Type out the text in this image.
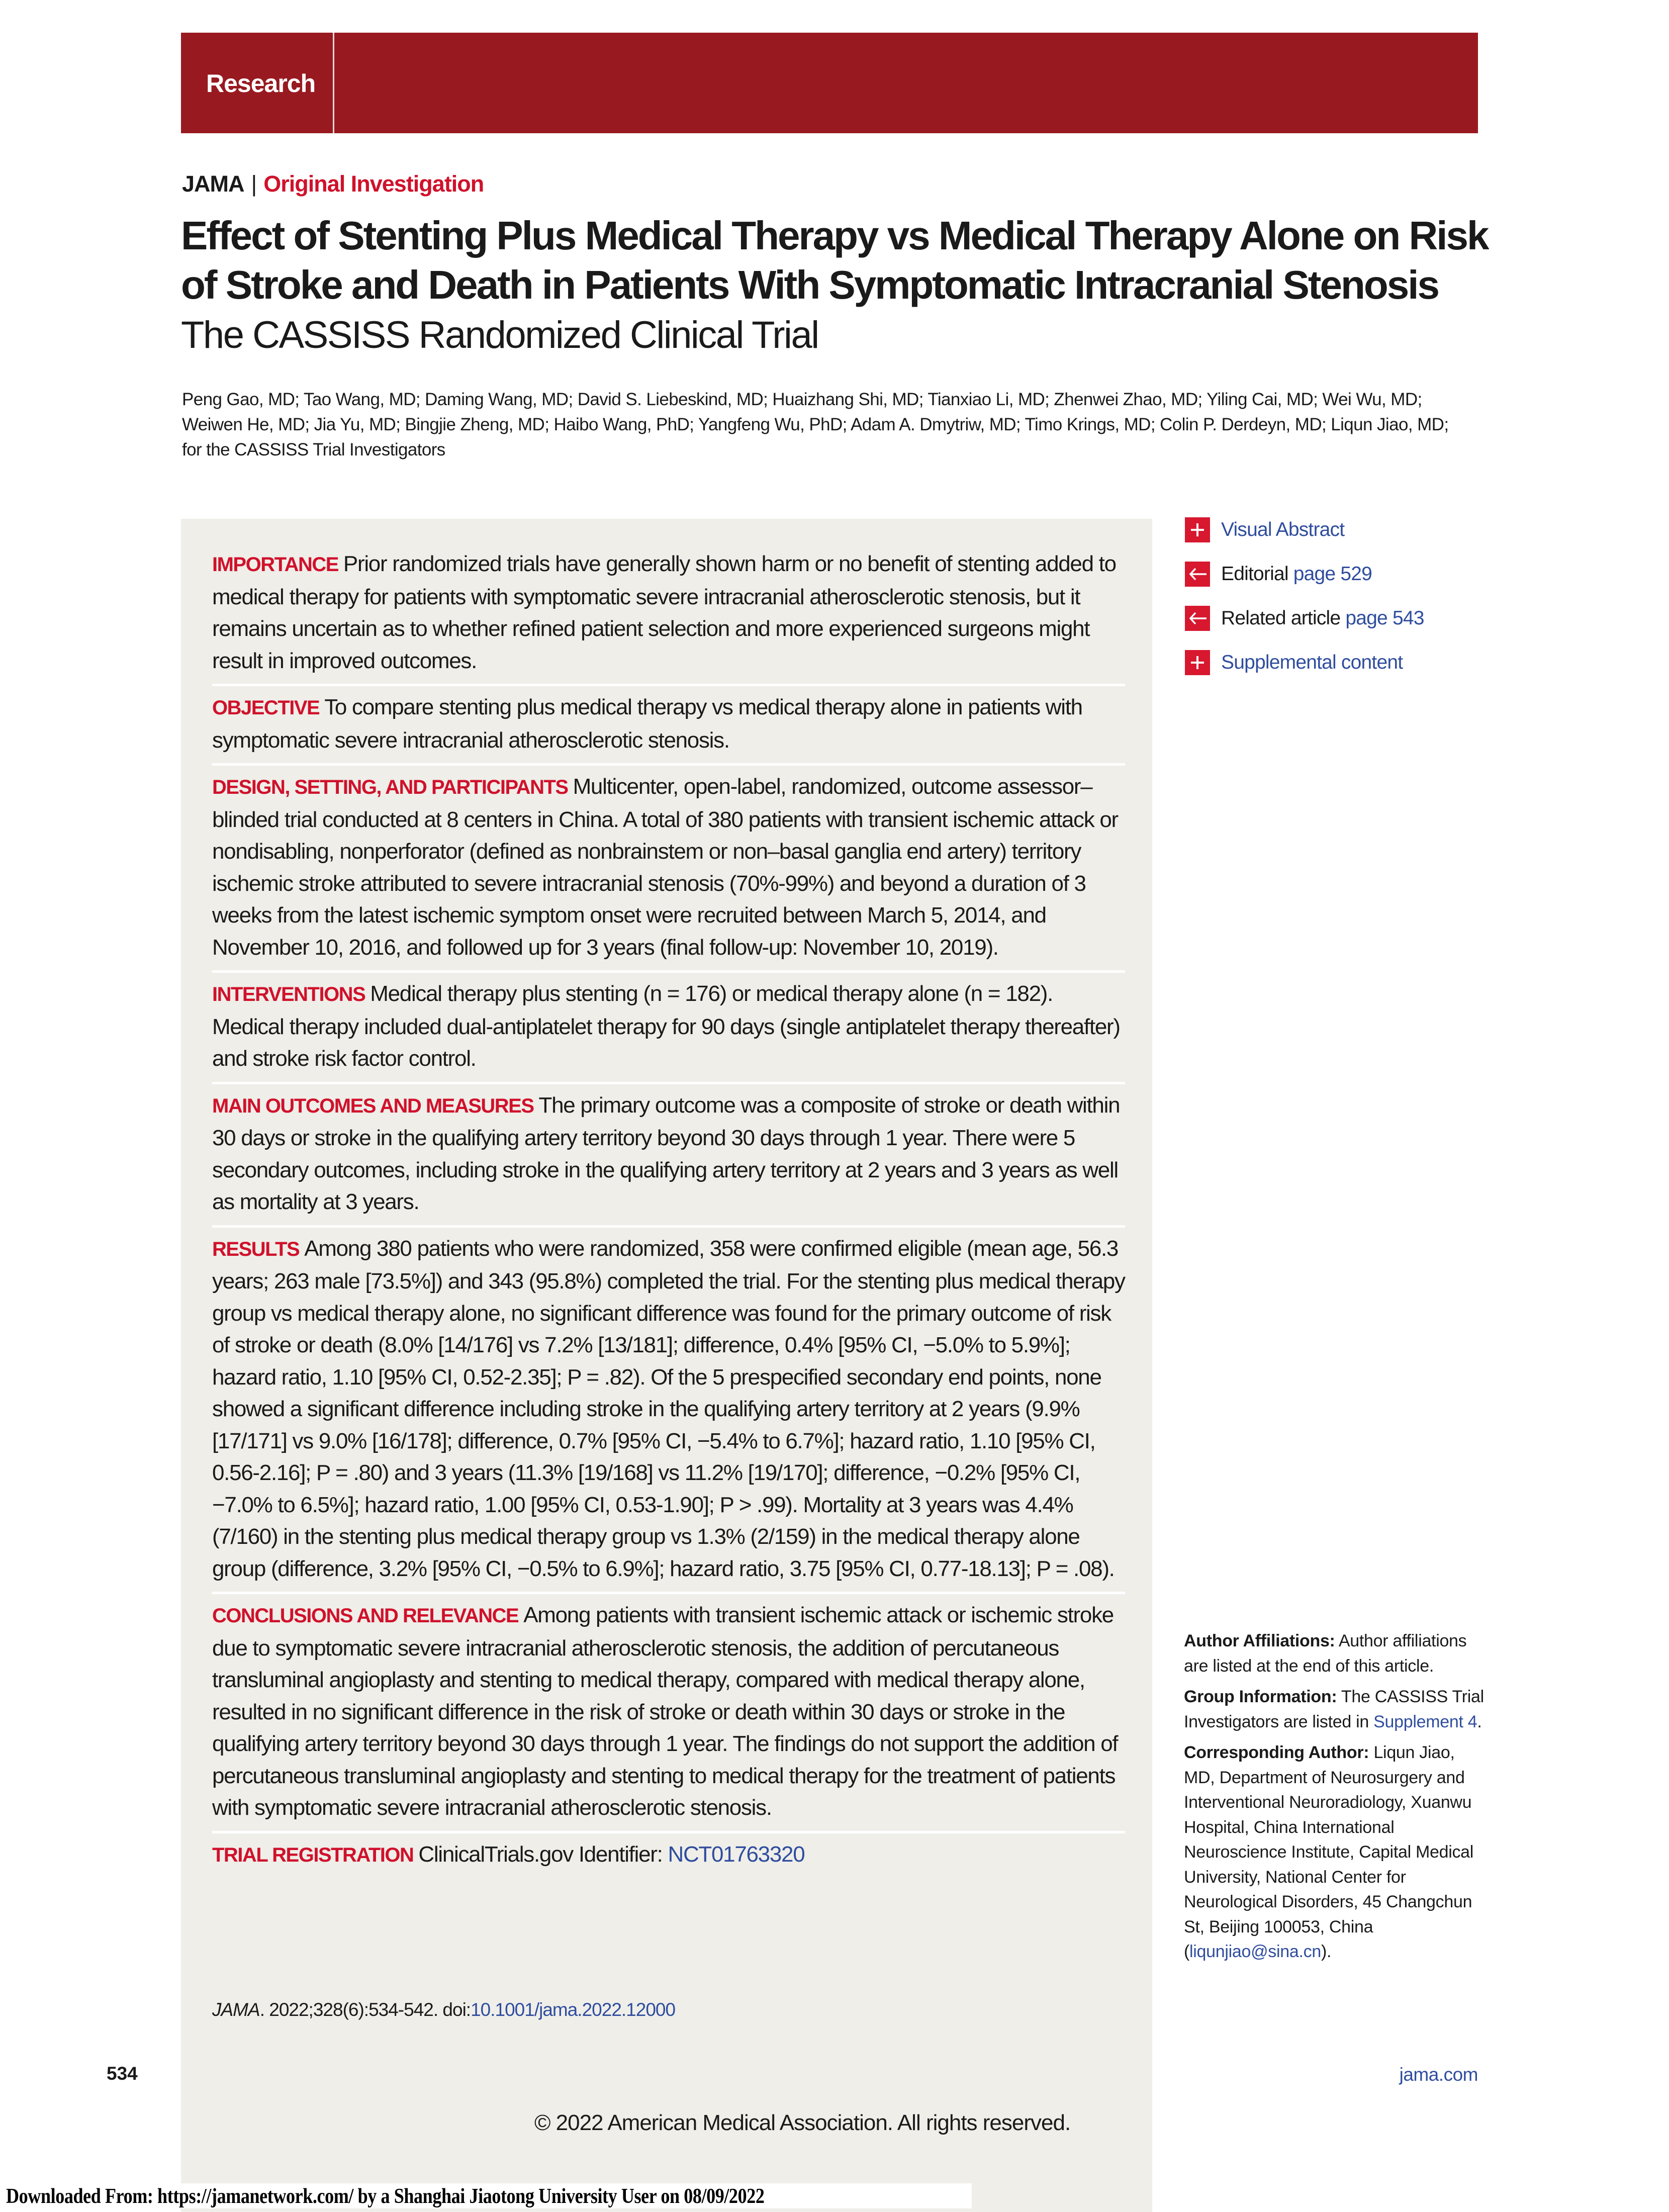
Research
JAMA | Original Investigation
Effect of Stenting Plus Medical Therapy vs Medical Therapy Alone on Risk of Stroke and Death in Patients With Symptomatic Intracranial Stenosis
The CASSISS Randomized Clinical Trial
Peng Gao, MD; Tao Wang, MD; Daming Wang, MD; David S. Liebeskind, MD; Huaizhang Shi, MD; Tianxiao Li, MD; Zhenwei Zhao, MD; Yiling Cai, MD; Wei Wu, MD; Weiwen He, MD; Jia Yu, MD; Bingjie Zheng, MD; Haibo Wang, PhD; Yangfeng Wu, PhD; Adam A. Dmytriw, MD; Timo Krings, MD; Colin P. Derdeyn, MD; Liqun Jiao, MD; for the CASSISS Trial Investigators
IMPORTANCE Prior randomized trials have generally shown harm or no benefit of stenting added to medical therapy for patients with symptomatic severe intracranial atherosclerotic stenosis, but it remains uncertain as to whether refined patient selection and more experienced surgeons might result in improved outcomes.
OBJECTIVE To compare stenting plus medical therapy vs medical therapy alone in patients with symptomatic severe intracranial atherosclerotic stenosis.
DESIGN, SETTING, AND PARTICIPANTS Multicenter, open-label, randomized, outcome assessor–blinded trial conducted at 8 centers in China. A total of 380 patients with transient ischemic attack or nondisabling, nonperforator (defined as nonbrainstem or non–basal ganglia end artery) territory ischemic stroke attributed to severe intracranial stenosis (70%-99%) and beyond a duration of 3 weeks from the latest ischemic symptom onset were recruited between March 5, 2014, and November 10, 2016, and followed up for 3 years (final follow-up: November 10, 2019).
INTERVENTIONS Medical therapy plus stenting (n = 176) or medical therapy alone (n = 182). Medical therapy included dual-antiplatelet therapy for 90 days (single antiplatelet therapy thereafter) and stroke risk factor control.
MAIN OUTCOMES AND MEASURES The primary outcome was a composite of stroke or death within 30 days or stroke in the qualifying artery territory beyond 30 days through 1 year. There were 5 secondary outcomes, including stroke in the qualifying artery territory at 2 years and 3 years as well as mortality at 3 years.
RESULTS Among 380 patients who were randomized, 358 were confirmed eligible (mean age, 56.3 years; 263 male [73.5%]) and 343 (95.8%) completed the trial. For the stenting plus medical therapy group vs medical therapy alone, no significant difference was found for the primary outcome of risk of stroke or death (8.0% [14/176] vs 7.2% [13/181]; difference, 0.4% [95% CI, −5.0% to 5.9%]; hazard ratio, 1.10 [95% CI, 0.52-2.35]; P = .82). Of the 5 prespecified secondary end points, none showed a significant difference including stroke in the qualifying artery territory at 2 years (9.9% [17/171] vs 9.0% [16/178]; difference, 0.7% [95% CI, −5.4% to 6.7%]; hazard ratio, 1.10 [95% CI, 0.56-2.16]; P = .80) and 3 years (11.3% [19/168] vs 11.2% [19/170]; difference, −0.2% [95% CI, −7.0% to 6.5%]; hazard ratio, 1.00 [95% CI, 0.53-1.90]; P > .99). Mortality at 3 years was 4.4% (7/160) in the stenting plus medical therapy group vs 1.3% (2/159) in the medical therapy alone group (difference, 3.2% [95% CI, −0.5% to 6.9%]; hazard ratio, 3.75 [95% CI, 0.77-18.13]; P = .08).
CONCLUSIONS AND RELEVANCE Among patients with transient ischemic attack or ischemic stroke due to symptomatic severe intracranial atherosclerotic stenosis, the addition of percutaneous transluminal angioplasty and stenting to medical therapy, compared with medical therapy alone, resulted in no significant difference in the risk of stroke or death within 30 days or stroke in the qualifying artery territory beyond 30 days through 1 year. The findings do not support the addition of percutaneous transluminal angioplasty and stenting to medical therapy for the treatment of patients with symptomatic severe intracranial atherosclerotic stenosis.
TRIAL REGISTRATION ClinicalTrials.gov Identifier: NCT01763320
JAMA. 2022;328(6):534-542. doi:10.1001/jama.2022.12000
Visual Abstract
Editorial
page 529
Related article
page 543
Supplemental content

Author Affiliations: Author affiliations are listed at the end of this article.

Group Information: The CASSISS Trial Investigators are listed in Supplement 4.

Corresponding Author: Liqun Jiao, MD, Department of Neurosurgery and Interventional Neuroradiology, Xuanwu Hospital, China International Neuroscience Institute, Capital Medical University, National Center for Neurological Disorders, 45 Changchun St, Beijing 100053, China (liqunjiao@sina.cn).

534	jama.com
© 2022 American Medical Association. All rights reserved.
Downloaded From: https://jamanetwork.com/ by a Shanghai Jiaotong University User on 08/09/2022
